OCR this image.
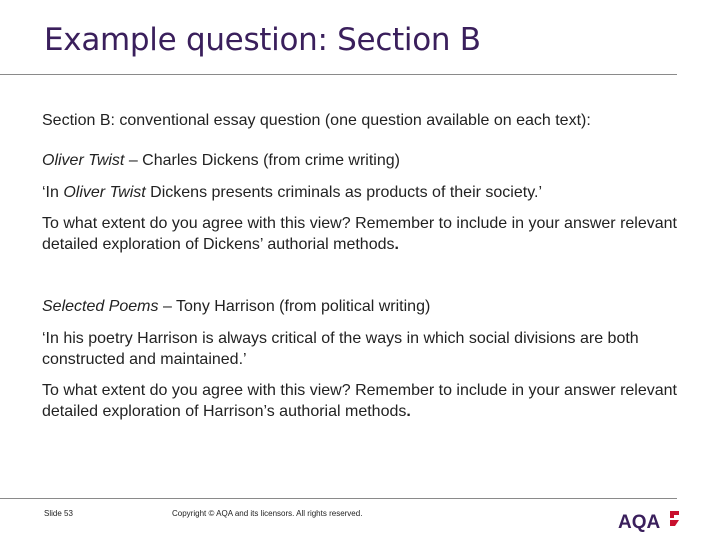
Example question: Section B

Section B: conventional essay question (one question available on each text):

Oliver Twist – Charles Dickens (from crime writing)

‘In Oliver Twist Dickens presents criminals as products of their society.’

To what extent do you agree with this view? Remember to include in your answer relevant detailed exploration of Dickens’ authorial methods.

Selected Poems – Tony Harrison (from political writing)

‘In his poetry Harrison is always critical of the ways in which social divisions are both constructed and maintained.’

To what extent do you agree with this view? Remember to include in your answer relevant detailed exploration of Harrison’s authorial methods.

Slide 53	Copyright © AQA and its licensors. All rights reserved.	AQA
